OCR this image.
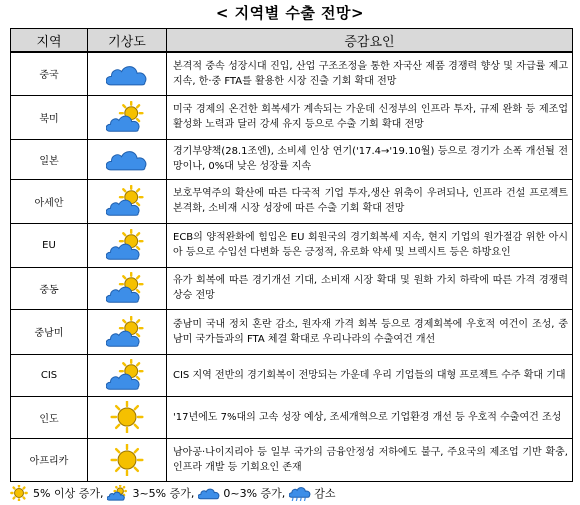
< 지역별 수출 전망>
지역	기상도	증감요인
중국		본격적 중속 성장시대 진입, 산업 구조조정을 통한 자국산 제품 경쟁력 향상 및 자급률 제고 지속, 한·중 FTA를 활용한 시장 진출 기회 확대 전망
북미		미국 경제의 온건한 회복세가 계속되는 가운데 신정부의 인프라 투자, 규제 완화 등 제조업 활성화 노력과 달러 강세 유지 등으로 수출 기회 확대 전망
일본		경기부양책(28.1조엔), 소비세 인상 연기('17.4→'19.10월) 등으로 경기가 소폭 개선될 전망이나, 0%대 낮은 성장률 지속
아세안		보호무역주의 확산에 따른 다국적 기업 투자,생산 위축이 우려되나, 인프라 건설 프로젝트 본격화, 소비재 시장 성장에 따른 수출 기회 확대 전망
EU		ECB의 양적완화에 힘입은 EU 회원국의 경기회복세 지속, 현지 기업의 원가절감 위한 아시아 등으로 수입선 다변화 등은 긍정적, 유로화 약세 및 브렉시트 등은 하방요인
중동		유가 회복에 따른 경기개선 기대, 소비재 시장 확대 및 원화 가치 하락에 따른 가격 경쟁력 상승 전망
중남미		중남미 국내 정치 혼란 감소, 원자재 가격 회복 등으로 경제회복에 우호적 여건이 조성, 중남미 국가들과의 FTA 체결 확대로 우리나라의 수출여건 개선
CIS		CIS 지역 전반의 경기회복이 전망되는 가운데 우리 기업들의 대형 프로젝트 수주 확대 기대
인도		'17년에도 7%대의 고속 성장 예상, 조세개혁으로 기업환경 개선 등 우호적 수출여건 조성
아프리카		남아공·나이지리아 등 일부 국가의 금융안정성 저하에도 불구, 주요국의 제조업 기반 확충, 인프라 개발 등 기회요인 존재
5% 이상 증가,	3~5% 증가,	0~3% 증가,	감소
